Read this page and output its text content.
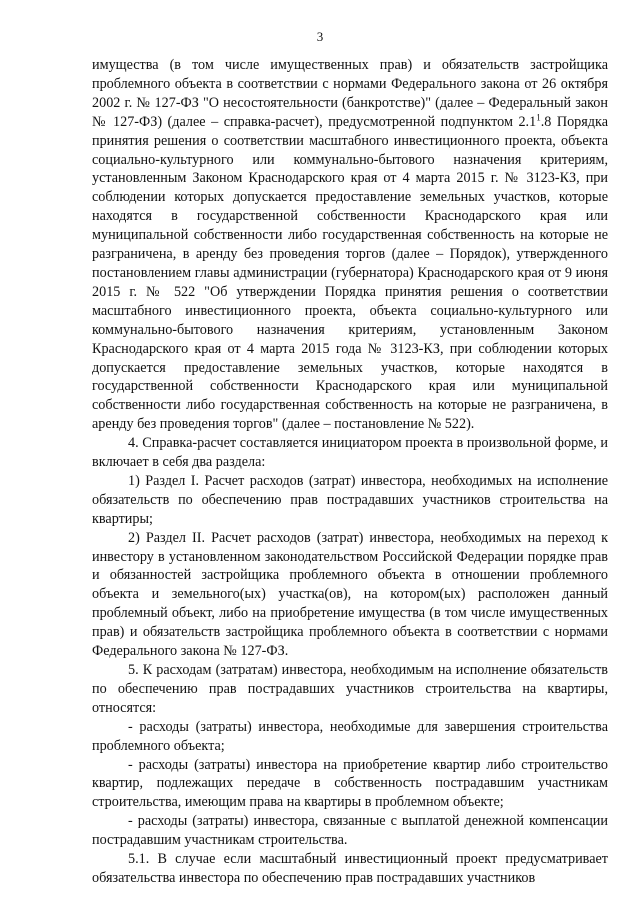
3

имущества (в том числе имущественных прав) и обязательств застройщика проблемного объекта в соответствии с нормами Федерального закона от 26 октября 2002 г. № 127-ФЗ "О несостоятельности (банкротстве)" (далее – Федеральный закон № 127-ФЗ) (далее – справка-расчет), предусмотренной подпунктом $2.1^1.8$ Порядка принятия решения о соответствии масштабного инвестиционного проекта, объекта социально-культурного или коммунально-бытового назначения критериям, установленным Законом Краснодарского края от 4 марта 2015 г. № 3123-КЗ, при соблюдении которых допускается предоставление земельных участков, которые находятся в государственной собственности Краснодарского края или муниципальной собственности либо государственная собственность на которые не разграничена, в аренду без проведения торгов (далее – Порядок), утвержденного постановлением главы администрации (губернатора) Краснодарского края от 9 июня 2015 г. № 522 "Об утверждении Порядка принятия решения о соответствии масштабного инвестиционного проекта, объекта социально-культурного или коммунально-бытового назначения критериям, установленным Законом Краснодарского края от 4 марта 2015 года № 3123-КЗ, при соблюдении которых допускается предоставление земельных участков, которые находятся в государственной собственности Краснодарского края или муниципальной собственности либо государственная собственность на которые не разграничена, в аренду без проведения торгов" (далее – постановление № 522).

4. Справка-расчет составляется инициатором проекта в произвольной форме, и включает в себя два раздела:

1) Раздел I. Расчет расходов (затрат) инвестора, необходимых на исполнение обязательств по обеспечению прав пострадавших участников строительства на квартиры;

2) Раздел II. Расчет расходов (затрат) инвестора, необходимых на переход к инвестору в установленном законодательством Российской Федерации порядке прав и обязанностей застройщика проблемного объекта в отношении проблемного объекта и земельного(ых) участка(ов), на котором(ых) расположен данный проблемный объект, либо на приобретение имущества (в том числе имущественных прав) и обязательств застройщика проблемного объекта в соответствии с нормами Федерального закона № 127-ФЗ.

5. К расходам (затратам) инвестора, необходимым на исполнение обязательств по обеспечению прав пострадавших участников строительства на квартиры, относятся:

- расходы (затраты) инвестора, необходимые для завершения строительства проблемного объекта;

- расходы (затраты) инвестора на приобретение квартир либо строительство квартир, подлежащих передаче в собственность пострадавшим участникам строительства, имеющим права на квартиры в проблемном объекте;

- расходы (затраты) инвестора, связанные с выплатой денежной компенсации пострадавшим участникам строительства.

5.1. В случае если масштабный инвестиционный проект предусматривает обязательства инвестора по обеспечению прав пострадавших участников
